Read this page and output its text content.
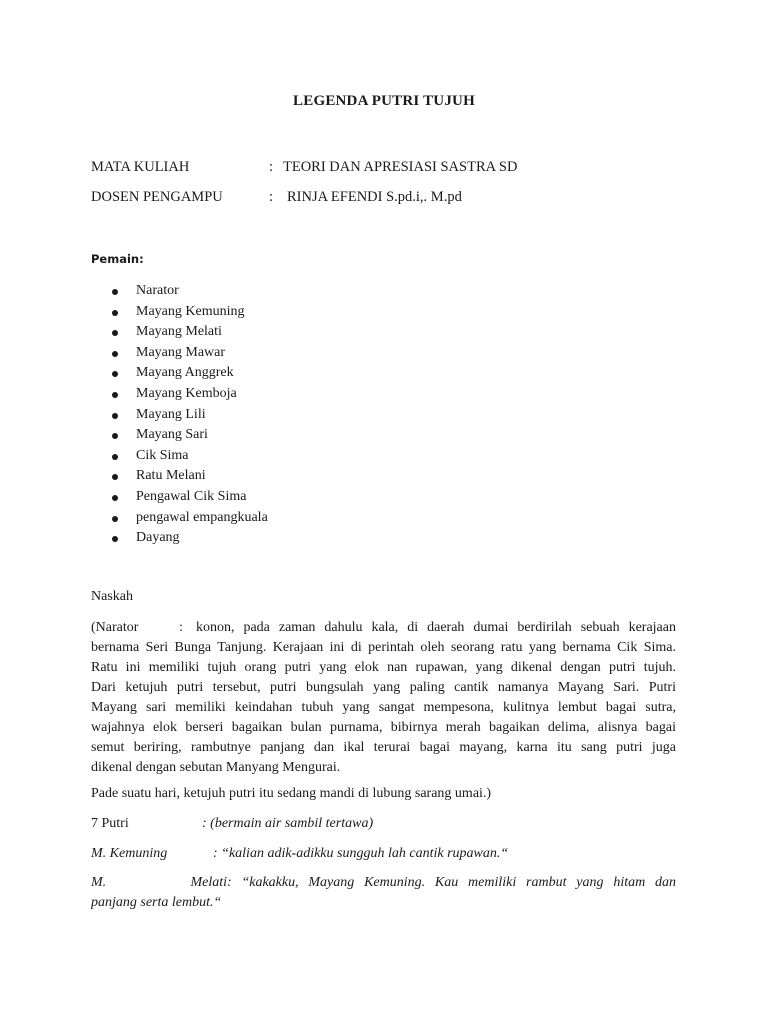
LEGENDA PUTRI TUJUH
MATA KULIAH	: TEORI DAN APRESIASI SASTRA SD
DOSEN PENGAMPU	: RINJA EFENDI S.pd.i,. M.pd
Pemain:
Narator
Mayang Kemuning
Mayang Melati
Mayang Mawar
Mayang Anggrek
Mayang Kemboja
Mayang Lili
Mayang Sari
Cik Sima
Ratu Melani
Pengawal Cik Sima
pengawal empangkuala
Dayang
Naskah
(Narator	: konon, pada zaman dahulu kala, di daerah dumai berdirilah sebuah kerajaan
bernama Seri Bunga Tanjung. Kerajaan ini di perintah oleh seorang ratu yang bernama Cik Sima.
Ratu ini memiliki tujuh orang putri yang elok nan rupawan, yang dikenal dengan putri tujuh.
Dari ketujuh putri tersebut, putri bungsulah yang paling cantik namanya Mayang Sari. Putri
Mayang sari memiliki keindahan tubuh yang sangat mempesona, kulitnya lembut bagai sutra,
wajahnya elok berseri bagaikan bulan purnama, bibirnya merah bagaikan delima, alisnya bagai
semut beriring, rambutnye panjang dan ikal terurai bagai mayang, karna itu sang putri juga
dikenal dengan sebutan Manyang Mengurai.
Pade suatu hari, ketujuh putri itu sedang mandi di lubung sarang umai.)
7 Putri	: (bermain air sambil tertawa)
M. Kemuning	: “kalian adik-adikku sungguh lah cantik rupawan.“
M. Melati: “kakakku, Mayang Kemuning. Kau memiliki rambut yang hitam dan
panjang serta lembut.“
